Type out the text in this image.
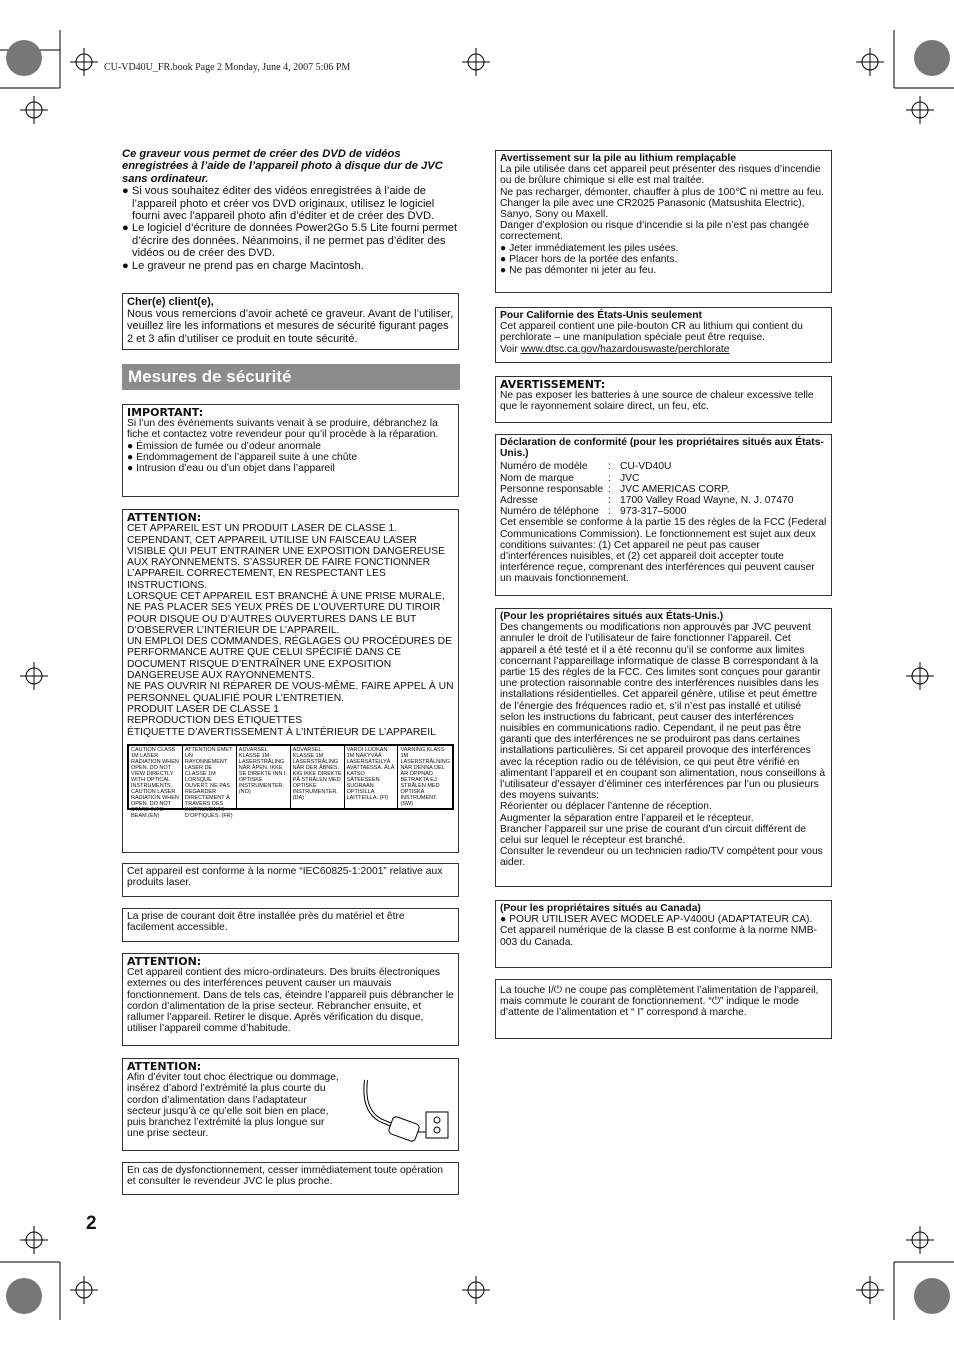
CU-VD40U_FR.book Page 2 Monday, June 4, 2007 5:06 PM
2

Ce graveur vous permet de créer des DVD de vidéos enregistrées à l’aide de l’appareil photo à disque dur de JVC sans ordinateur.

● Si vous souhaitez éditer des vidéos enregistrées à l’aide de l’appareil photo et créer vos DVD originaux, utilisez le logiciel fourni avec l’appareil photo afin d’éditer et de créer des DVD.

● Le logiciel d’écriture de données Power2Go 5.5 Lite fourni permet d’écrire des données. Néanmoins, il ne permet pas d’éditer des vidéos ou de créer des DVD.

● Le graveur ne prend pas en charge Macintosh.

Cher(e) client(e),

Nous vous remercions d’avoir acheté ce graveur. Avant de l’utiliser, veuillez lire les informations et mesures de sécurité figurant pages 2 et 3 afin d’utiliser ce produit en toute sécurité.

Mesures de sécurité

IMPORTANT:

Si l’un des événements suivants venait à se produire, débranchez la fiche et contactez votre revendeur pour qu’il procède à la réparation.

● Émission de fumée ou d’odeur anormale

● Endommagement de l’appareil suite à une chûte

● Intrusion d’eau ou d’un objet dans l’appareil

ATTENTION:

CET APPAREIL EST UN PRODUIT LASER DE CLASSE 1. CEPENDANT, CET APPAREIL UTILISE UN FAISCEAU LASER VISIBLE QUI PEUT ENTRAINER UNE EXPOSITION DANGEREUSE AUX RAYONNEMENTS. S’ASSURER DE FAIRE FONCTIONNER L’APPAREIL CORRECTEMENT, EN RESPECTANT LES INSTRUCTIONS.
LORSQUE CET APPAREIL EST BRANCHÉ À UNE PRISE MURALE, NE PAS PLACER SES YEUX PRÈS DE L’OUVERTURE DU TIROIR POUR DISQUE OU D’AUTRES OUVERTURES DANS LE BUT D’OBSERVER L’INTÉRIEUR DE L’APPAREIL.
UN EMPLOI DES COMMANDES, RÉGLAGES OU PROCÉDURES DE PERFORMANCE AUTRE QUE CELUI SPÉCIFIÉ DANS CE DOCUMENT RISQUE D’ENTRAÎNER UNE EXPOSITION DANGEREUSE AUX RAYONNEMENTS.
NE PAS OUVRIR NI RÉPARER DE VOUS-MÊME. FAIRE APPEL À UN PERSONNEL QUALIFIÉ POUR L’ENTRETIEN.
PRODUIT LASER DE CLASSE 1
REPRODUCTION DES ÉTIQUETTES
ÉTIQUETTE D’AVERTISSEMENT À L’INTÉRIEUR DE L’APPAREIL

CAUTION CLASS 1M LASER RADIATION WHEN OPEN. DO NOT VIEW DIRECTLY WITH OPTICAL INSTRUMENTS. CAUTION LASER RADIATION WHEN OPEN. DO NOT STARE INTO BEAM.(EN)
ATTENTION ÉMET UN RAYONNEMENT LASER DE CLASSE 1M LORSQUE OUVERT. NE PAS REGARDER DIRECTEMENT À TRAVERS DES INSTRUMENTS D’OPTIQUES. (FR)
ADVARSEL KLASSE 1M-LASERSTRÅLING NÅR ÅPEN. IKKE SE DIREKTE INN I OPTISKE INSTRUMENTER. (NO)
ADVARSEL KLASSE 1M LASERSTRÅLING NÅR DER ÅBNES. KIG IKKE DIREKTE PÅ STRÅLEN MED OPTISKE INSTRUMENTER. (DA)
VAROI LUOKAN 1M NÄKYVÄÄ LASERSÄTEILYÄ AVATTAESSA. ÄLÄ KATSO SÄTEESEEN SUORAAN OPTISILLA LAITTEILLA. (FI)
VARNING KLASS 1M LASERSTRÅLNING NÄR DENNA DEL ÄR ÖPPNAD. BETRAKTA EJ STRÅLEN MED OPTISKA INSTRUMENT. (SW)

Cet appareil est conforme à la norme “IEC60825-1:2001” relative aux produits laser.

La prise de courant doit être installée près du matériel et être facilement accessible.

ATTENTION:

Cet appareil contient des micro-ordinateurs. Des bruits électroniques externes ou des interférences peuvent causer un mauvais fonctionnement. Dans de tels cas, éteindre l’appareil puis débrancher le cordon d’alimentation de la prise secteur. Rebrancher ensuite, et rallumer l’appareil. Retirer le disque. Après vérification du disque, utiliser l’appareil comme d’habitude.

ATTENTION:

Afin d’éviter tout choc électrique ou dommage, insérez d’abord l’extrémité la plus courte du cordon d’alimentation dans l’adaptateur secteur jusqu’à ce qu’elle soit bien en place, puis branchez l’extrémité la plus longue sur une prise secteur.

En cas de dysfonctionnement, cesser immédiatement toute opération et consulter le revendeur JVC le plus proche.

Avertissement sur la pile au lithium remplaçable

La pile utilisée dans cet appareil peut présenter des risques d’incendie ou de brûlure chimique si elle est mal traitée.
Ne pas recharger, démonter, chauffer à plus de 100℃ ni mettre au feu.
Changer la pile avec une CR2025 Panasonic (Matsushita Electric), Sanyo, Sony ou Maxell.
Danger d’explosion ou risque d’incendie si la pile n’est pas changée correctement.

● Jeter immédiatement les piles usées.

● Placer hors de la portée des enfants.

● Ne pas démonter ni jeter au feu.

Pour Californie des États-Unis seulement

Cet appareil contient une pile-bouton CR au lithium qui contient du perchlorate – une manipulation spéciale peut être requise.

Voir www.dtsc.ca.gov/hazardouswaste/perchlorate

AVERTISSEMENT:

Ne pas exposer les batteries à une source de chaleur excessive telle que le rayonnement solaire direct, un feu, etc.

Déclaration de conformité (pour les propriétaires situés aux États-Unis.)

Numéro de modèle	: CU-VD40U

Nom de marque	: JVC

Personne responsable : JVC AMERICAS CORP.

Adresse	: 1700 Valley Road Wayne, N. J. 07470

Numéro de téléphone : 973-317–5000

Cet ensemble se conforme à la partie 15 des règles de la FCC (Federal Communications Commission). Le fonctionnement est sujet aux deux conditions suivantes: (1) Cet appareil ne peut pas causer d’interférences nuisibles, et (2) cet appareil doit accepter toute interférence reçue, comprenant des interférences qui peuvent causer un mauvais fonctionnement.

(Pour les propriétaires situés aux États-Unis.)

Des changements ou modifications non approuvés par JVC peuvent annuler le droit de l’utilisateur de faire fonctionner l’appareil. Cet appareil a été testé et il a été reconnu qu’il se conforme aux limites concernant l’appareillage informatique de classe B correspondant à la partie 15 des règles de la FCC. Ces limites sont conçues pour garantir une protection raisonnable contre des interférences nuisibles dans les installations résidentielles. Cet appareil génère, utilise et peut émettre de l’énergie des fréquences radio et, s’il n’est pas installé et utilisé selon les instructions du fabricant, peut causer des interférences nuisibles en communications radio. Cependant, il ne peut pas être garanti que des interférences ne se produiront pas dans certaines installations particulières. Si cet appareil provoque des interférences avec la réception radio ou de télévision, ce qui peut être vérifié en alimentant l’appareil et en coupant son alimentation, nous conseillons à l’utilisateur d’essayer d’éliminer ces interférences par l’un ou plusieurs des moyens suivants:
Réorienter ou déplacer l’antenne de réception.
Augmenter la séparation entre l’appareil et le récepteur.
Brancher l’appareil sur une prise de courant d’un circuit différent de celui sur lequel le récepteur est branché.
Consulter le revendeur ou un technicien radio/TV compétent pour vous aider.

(Pour les propriétaires situés au Canada)

● POUR UTILISER AVEC MODELE AP-V400U (ADAPTATEUR CA).

Cet appareil numérique de la classe B est conforme à la norme NMB-003 du Canada.

La touche I/⏻ ne coupe pas complètement l’alimentation de l’appareil, mais commute le courant de fonctionnement. “⏻” indique le mode d’attente de l’alimentation et “ I” correspond à marche.
